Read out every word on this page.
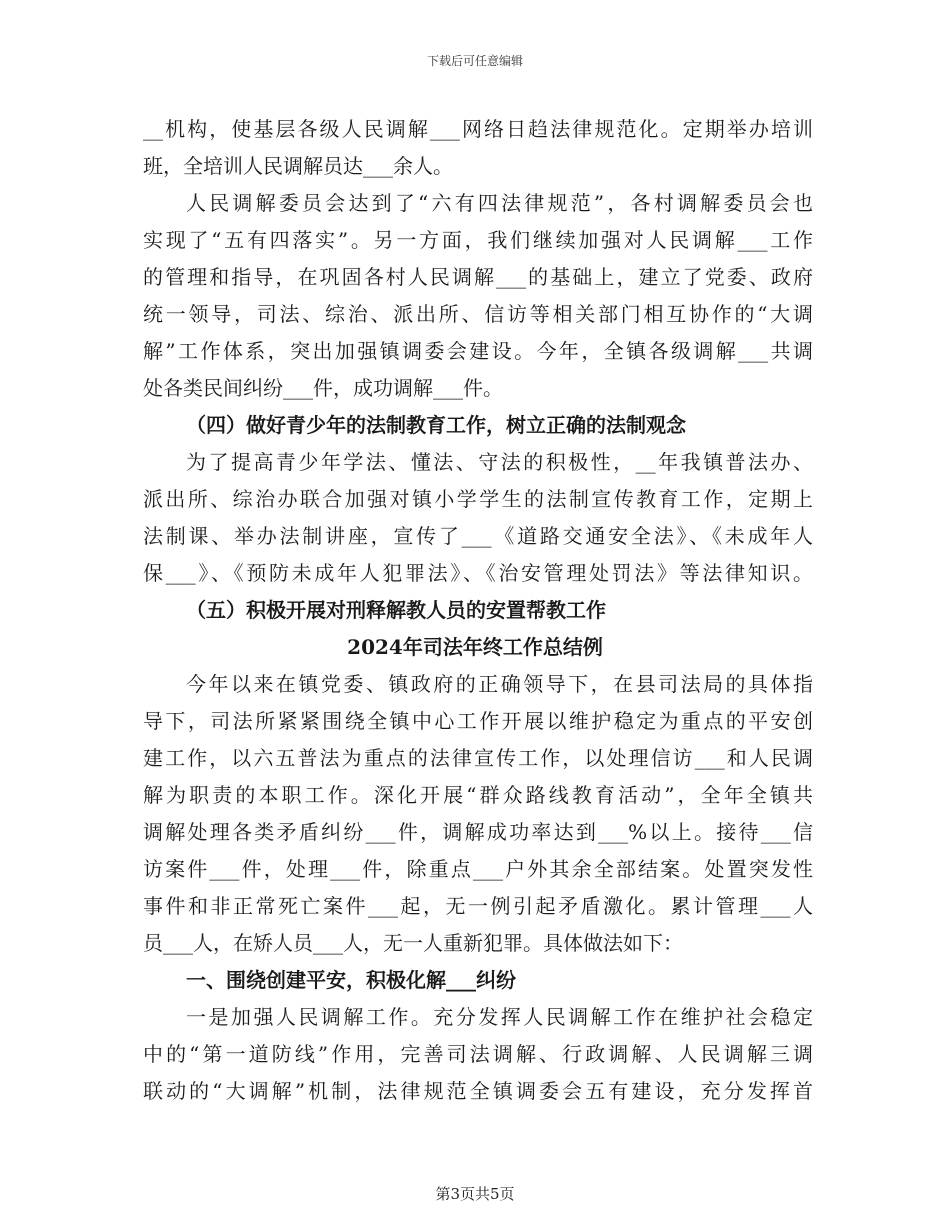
下载后可任意编辑
__机构，使基层各级人民调解___网络日趋法律规范化。定期举办培训
班，全培训人民调解员达___余人。
人民调解委员会达到了“六有四法律规范”，各村调解委员会也
实现了“五有四落实”。另一方面，我们继续加强对人民调解___工作
的管理和指导，在巩固各村人民调解___的基础上，建立了党委、政府
统一领导，司法、综治、派出所、信访等相关部门相互协作的“大调
解”工作体系，突出加强镇调委会建设。今年，全镇各级调解___共调
处各类民间纠纷___件，成功调解___件。
（四）做好青少年的法制教育工作，树立正确的法制观念
为了提高青少年学法、懂法、守法的积极性，__年我镇普法办、
派出所、综治办联合加强对镇小学学生的法制宣传教育工作，定期上
法制课、举办法制讲座，宣传了___《道路交通安全法》、《未成年人
保___》、《预防未成年人犯罪法》、《治安管理处罚法》等法律知识。
（五）积极开展对刑释解教人员的安置帮教工作
2024年司法年终工作总结例
今年以来在镇党委、镇政府的正确领导下，在县司法局的具体指
导下，司法所紧紧围绕全镇中心工作开展以维护稳定为重点的平安创
建工作，以六五普法为重点的法律宣传工作，以处理信访___和人民调
解为职责的本职工作。深化开展“群众路线教育活动”，全年全镇共
调解处理各类矛盾纠纷___件，调解成功率达到___%以上。接待___信
访案件___件，处理___件，除重点___户外其余全部结案。处置突发性
事件和非正常死亡案件___起，无一例引起矛盾激化。累计管理___人
员___人，在矫人员___人，无一人重新犯罪。具体做法如下：
一、围绕创建平安，积极化解___纠纷
一是加强人民调解工作。充分发挥人民调解工作在维护社会稳定
中的“第一道防线”作用，完善司法调解、行政调解、人民调解三调
联动的“大调解”机制，法律规范全镇调委会五有建设，充分发挥首
第3页共5页
